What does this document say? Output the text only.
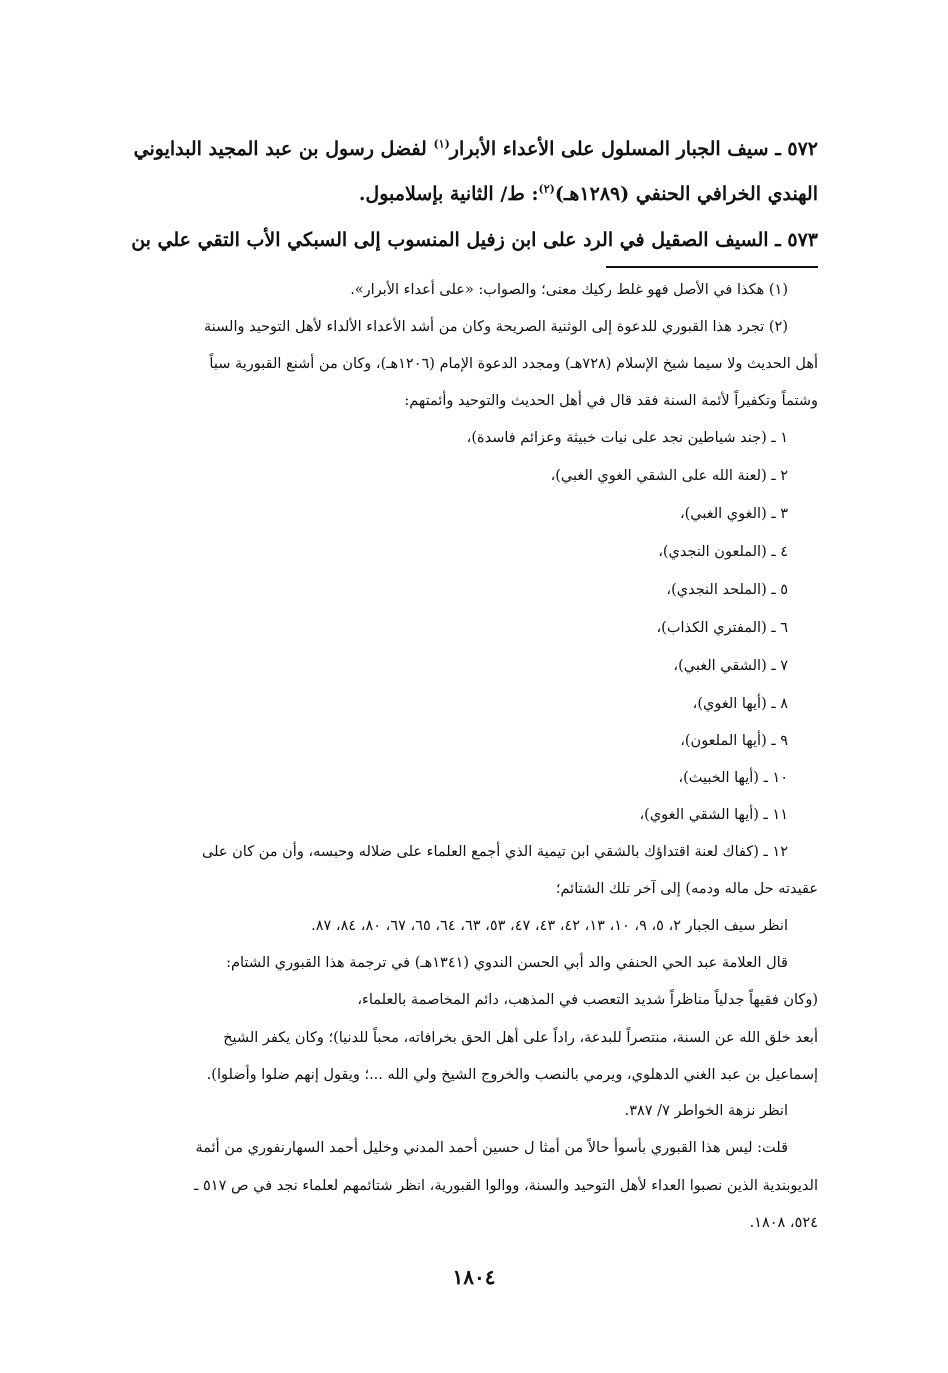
٥٧٢ ـ سيف الجبار المسلول على الأعداء الأبرار$^{(١)}$ لفضل رسول بن عبد المجيد البدايوني
الهندي الخرافي الحنفي (١٢٨٩هـ)$^{(٢)}$: ط/ الثانية بإسلامبول.
٥٧٣ ـ السيف الصقيل في الرد على ابن زفيل المنسوب إلى السبكي الأب التقي علي بن
(١) هكذا في الأصل فهو غلط ركيك معنى؛ والصواب: «على أعداء الأبرار».
(٢) تجرد هذا القبوري للدعوة إلى الوثنية الصريحة وكان من أشد الأعداء الألداء لأهل التوحيد والسنة
أهل الحديث ولا سيما شيخ الإسلام (٧٢٨هـ) ومجدد الدعوة الإمام (١٢٠٦هـ)، وكان من أشنع القبورية سباً
وشتماً وتكفيراً لأئمة السنة فقد قال في أهل الحديث والتوحيد وأئمتهم:
١ ـ (جند شياطين نجد على نيات خبيثة وعزائم فاسدة)،
٢ ـ (لعنة الله على الشقي الغوي الغبي)،
٣ ـ (الغوي الغبي)،
٤ ـ (الملعون النجدي)،
٥ ـ (الملحد النجدي)،
٦ ـ (المفتري الكذاب)،
٧ ـ (الشقي الغبي)،
٨ ـ (أيها الغوي)،
٩ ـ (أيها الملعون)،
١٠ ـ (أيها الخبيث)،
١١ ـ (أيها الشقي الغوي)،
١٢ ـ (كفاك لعنة اقتداؤك بالشقي ابن تيمية الذي أجمع العلماء على ضلاله وحبسه، وأن من كان على
عقيدته حل ماله ودمه) إلى آخر تلك الشتائم؛
انظر سيف الجبار ٢، ٥، ٩، ١٠، ١٣، ٤٢، ٤٣، ٤٧، ٥٣، ٦٣، ٦٤، ٦٥، ٦٧، ٨٠، ٨٤، ٨٧.
قال العلامة عبد الحي الحنفي والد أبي الحسن الندوي (١٣٤١هـ) في ترجمة هذا القبوري الشتام:
(وكان فقيهاً جدلياً مناظراً شديد التعصب في المذهب، دائم المخاصمة بالعلماء،
أبعد خلق الله عن السنة، منتصراً للبدعة، راداً على أهل الحق بخرافاته، محباً للدنيا)؛ وكان يكفر الشيخ
إسماعيل بن عبد الغني الدهلوي، ويرمي بالنصب والخروج الشيخ ولي الله ...؛ ويقول إنهم ضلوا وأضلوا).
انظر نزهة الخواطر ٧/ ٣٨٧.
قلت: ليس هذا القبوري بأسوأ حالاً من أمثا ل حسين أحمد المدني وخليل أحمد السهارنفوري من أئمة
الديوبندية الذين نصبوا العداء لأهل التوحيد والسنة، ووالوا القبورية، انظر شتائمهم لعلماء نجد في ص ٥١٧ ـ
٥٢٤، ١٨٠٨.
١٨٠٤
